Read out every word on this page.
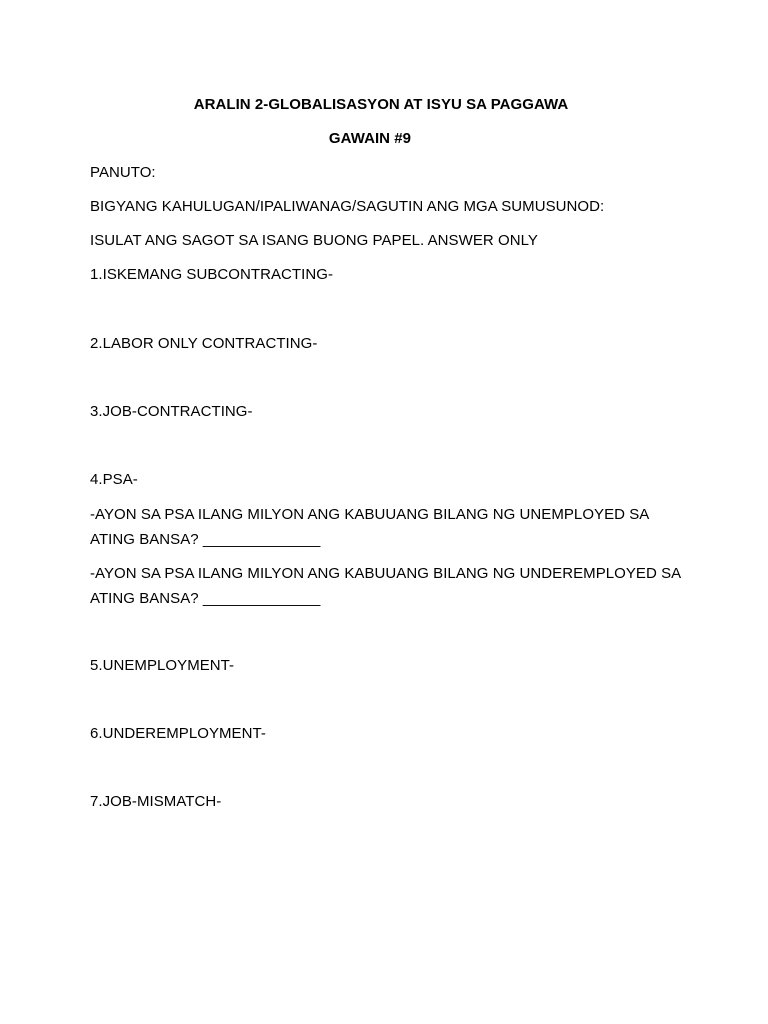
ARALIN 2-GLOBALISASYON AT ISYU SA PAGGAWA
GAWAIN #9
PANUTO:
BIGYANG KAHULUGAN/IPALIWANAG/SAGUTIN ANG MGA SUMUSUNOD:
ISULAT ANG SAGOT SA ISANG BUONG PAPEL. ANSWER ONLY
1.ISKEMANG SUBCONTRACTING-
2.LABOR ONLY CONTRACTING-
3.JOB-CONTRACTING-
4.PSA-
-AYON SA PSA ILANG MILYON ANG KABUUANG BILANG NG UNEMPLOYED SA
ATING BANSA? ______________
-AYON SA PSA ILANG MILYON ANG KABUUANG BILANG NG UNDEREMPLOYED SA
ATING BANSA? ______________
5.UNEMPLOYMENT-
6.UNDEREMPLOYMENT-
7.JOB-MISMATCH-
